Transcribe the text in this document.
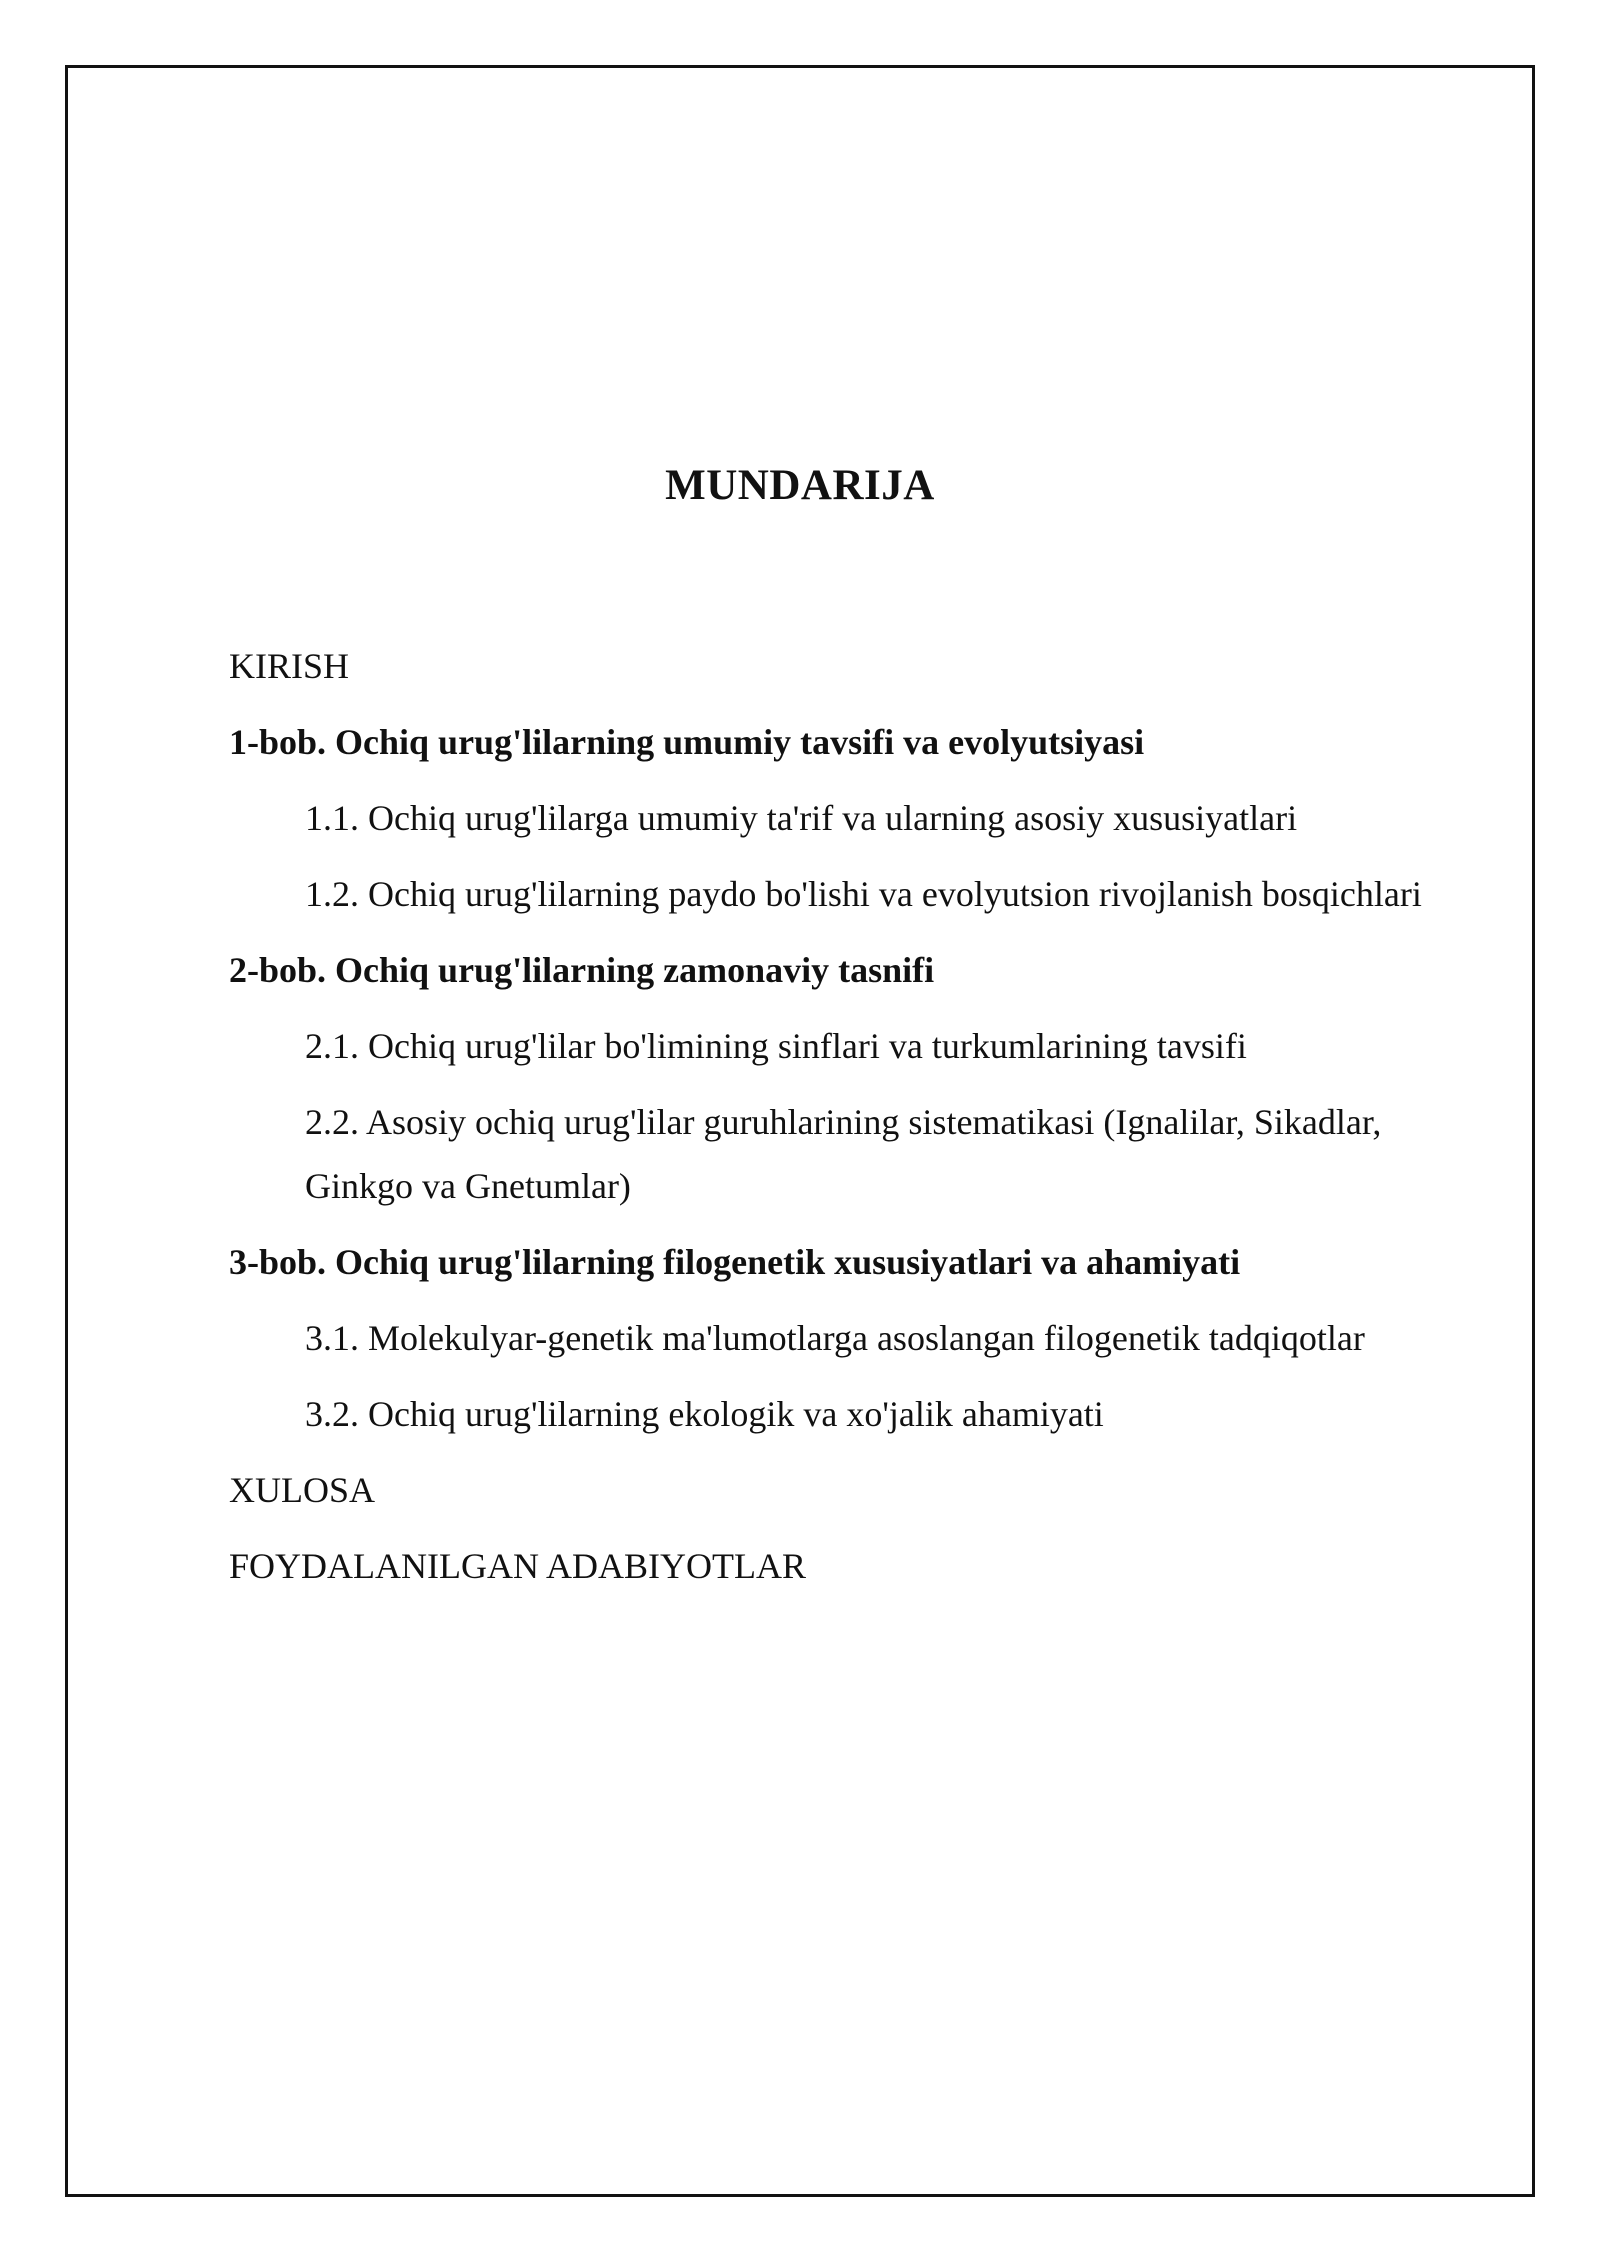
MUNDARIJA
KIRISH
1-bob. Ochiq urug'lilarning umumiy tavsifi va evolyutsiyasi
1.1. Ochiq urug'lilarga umumiy ta'rif va ularning asosiy xususiyatlari
1.2. Ochiq urug'lilarning paydo bo'lishi va evolyutsion rivojlanish bosqichlari
2-bob. Ochiq urug'lilarning zamonaviy tasnifi
2.1. Ochiq urug'lilar bo'limining sinflari va turkumlarining tavsifi
2.2. Asosiy ochiq urug'lilar guruhlarining sistematikasi (Ignalilar, Sikadlar,
Ginkgo va Gnetumlar)
3-bob. Ochiq urug'lilarning filogenetik xususiyatlari va ahamiyati
3.1. Molekulyar-genetik ma'lumotlarga asoslangan filogenetik tadqiqotlar
3.2. Ochiq urug'lilarning ekologik va xo'jalik ahamiyati
XULOSA
FOYDALANILGAN ADABIYOTLAR
